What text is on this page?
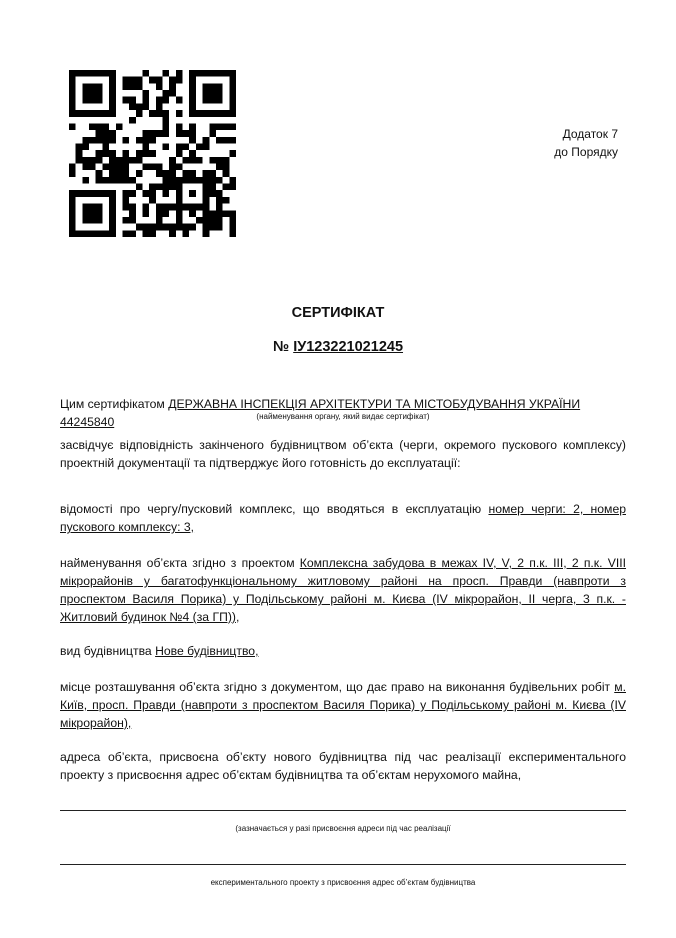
Додаток 7
до Порядку
СЕРТИФІКАТ
№ ІУ123221021245
Цим сертифікатом ДЕРЖАВНА ІНСПЕКЦІЯ АРХІТЕКТУРИ ТА МІСТОБУДУВАННЯ УКРАЇНИ 44245840	(найменування органу, який видає сертифікат)
засвідчує відповідність закінченого будівництвом об’єкта (черги, окремого пускового комплексу) проектній документації та підтверджує його готовність до експлуатації:
відомості про чергу/пусковий комплекс, що вводяться в експлуатацію номер черги: 2, номер пускового комплексу: 3,
найменування об’єкта згідно з проектом Комплексна забудова в межах IV, V, 2 п.к. III, 2 п.к. VIII мікрорайонів у багатофункціональному житловому районі на просп. Правди (навпроти з проспектом Василя Порика) у Подільському районі м. Києва (IV мікрорайон, II черга, 3 п.к. - Житловий будинок №4 (за ГП)),
вид будівництва Нове будівництво,
місце розташування об’єкта згідно з документом, що дає право на виконання будівельних робіт м. Київ, просп. Правди (навпроти з проспектом Василя Порика) у Подільському районі м. Києва (IV мікрорайон),
адреса об’єкта, присвоєна об’єкту нового будівництва під час реалізації експериментального проекту з присвоєння адрес об’єктам будівництва та об’єктам нерухомого майна,
(зазначається у разі присвоєння адреси під час реалізації
експериментального проекту з присвоєння адрес об’єктам будівництва
